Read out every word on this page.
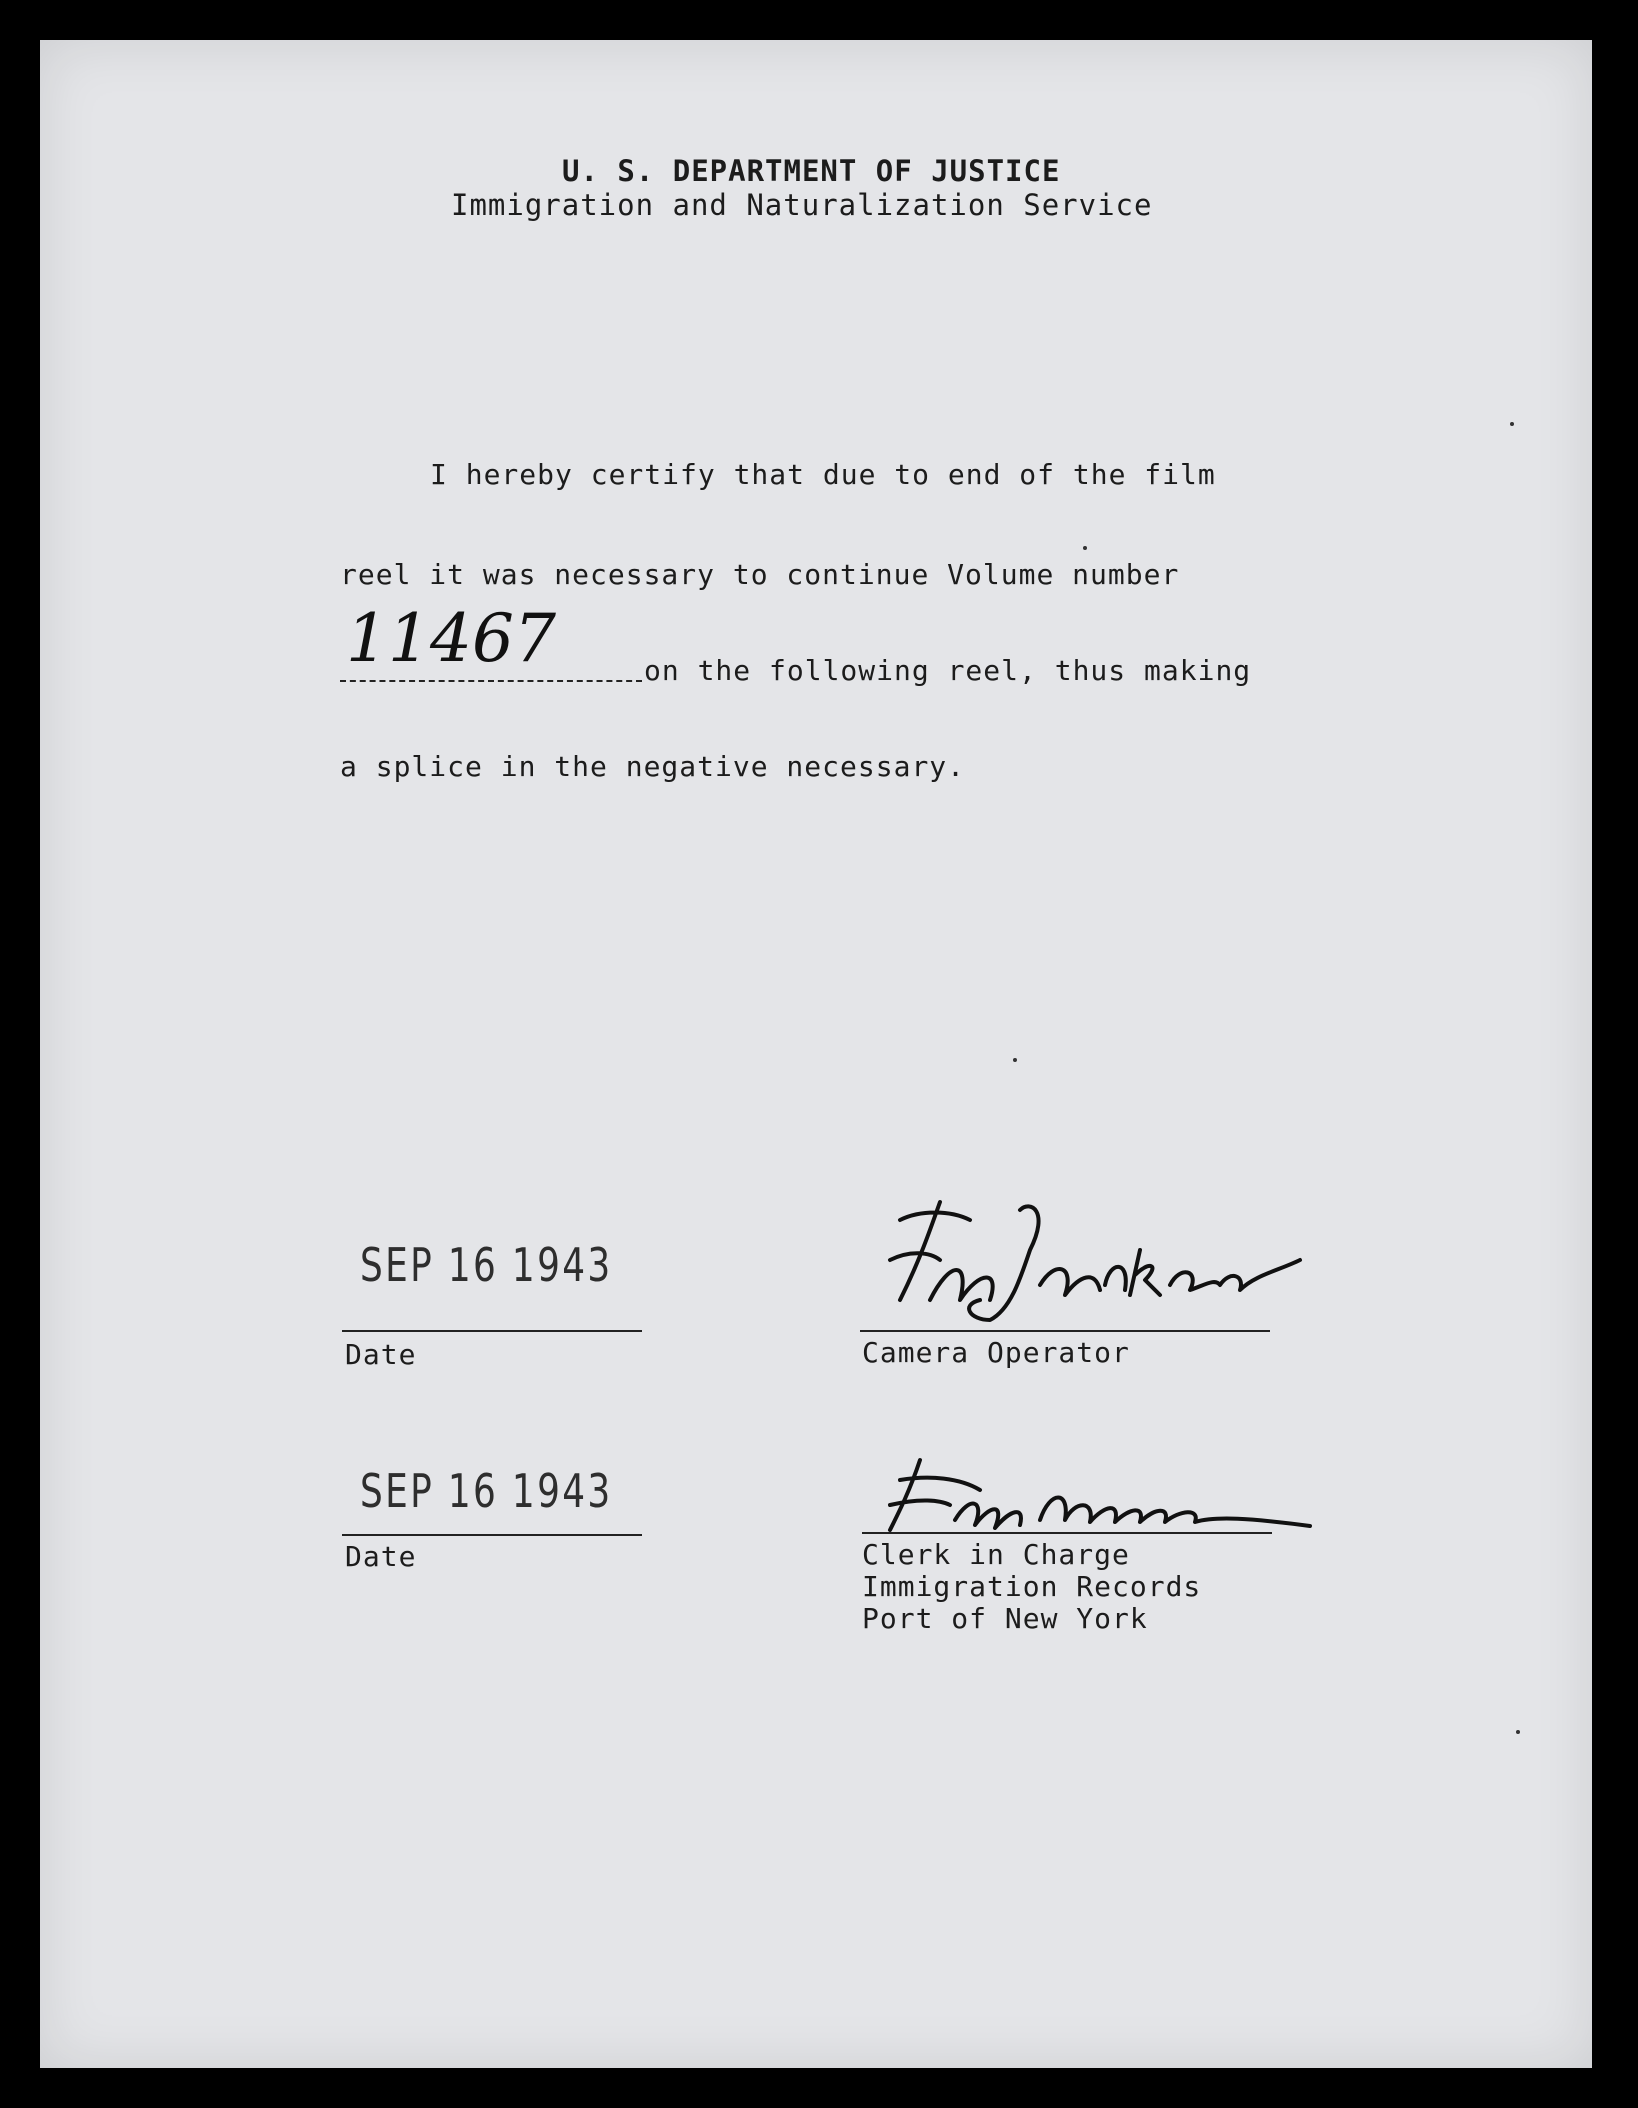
U. S. DEPARTMENT OF JUSTICE
Immigration and Naturalization Service
I hereby certify that due to end of the film
reel it was necessary to continue Volume number
11467	on the following reel, thus making
a splice in the negative necessary.
SEP 16 1943
Date	Camera Operator
SEP 16 1943
Date	Clerk in Charge
Immigration Records
Port of New York
